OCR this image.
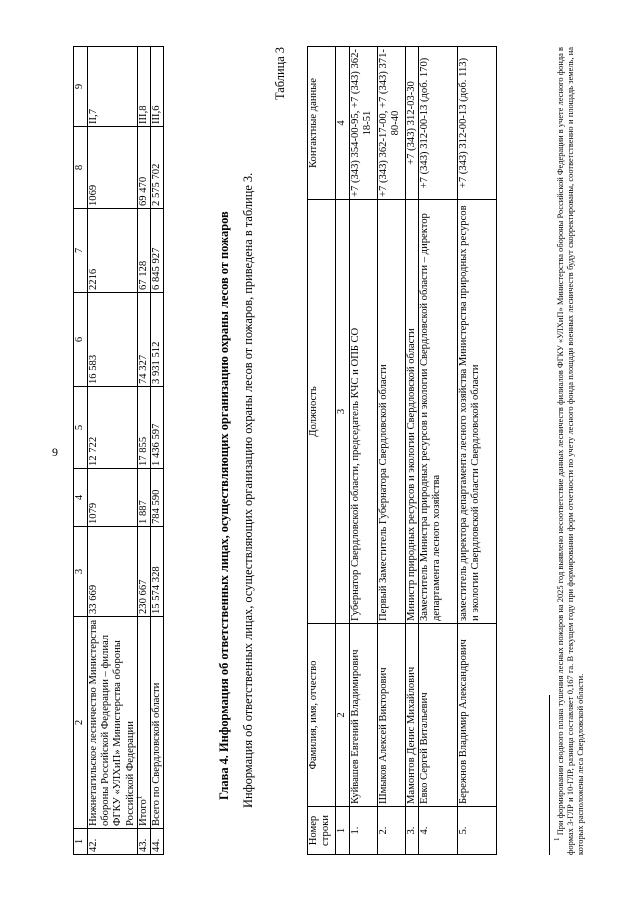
9
1	2	3	4	5	6	7	8	9
42.	Нижнетагильское лесничество Министерства обороны Российской Федерации – филиал ФГКУ «УЛХиП» Министерства обороны Российской Федерации	33 669	1079	12 722	16 583	2216	1069	II,7
43.	Итого$^1$	230 667	1 887	17 855	74 327	67 128	69 470	III,8
44.	Всего по Свердловской области	15 574 328	784 590	1 436 597	3 931 512	6 845 927	2 575 702	III,6
Глава 4. Информация об ответственных лицах, осуществляющих организацию охраны лесов от пожаров Информация об ответственных лицах, осуществляющих организацию охраны лесов от пожаров, приведена в таблице 3.
Таблица 3
Номер строки	Фамилия, имя, отчество	Должность	Контактные данные
1	2	3	4
1.	Куйвашев Евгений Владимирович	Губернатор Свердловской области, председатель КЧС и ОПБ СО	+7 (343) 354-00-95, +7 (343) 362-18-51
2.	Шмыков Алексей Викторович	Первый Заместитель Губернатора Свердловской области	+7 (343) 362-17-00, +7 (343) 371-80-40
3.	Мамонтов Денис Михайлович	Министр природных ресурсов и экологии Свердловской области	+7 (343) 312-03-30
4.	Евко Сергей Витальевич	Заместитель Министра природных ресурсов и экологии Свердловской области – директор департамента лесного хозяйства	+7 (343) 312-00-13 (доб. 170)
5.	Бережнов Владимир Александрович	заместитель директора департамента лесного хозяйства Министерства природных ресурсов и экологии Свердловской области Свердловской области	+7 (343) 312-00-13 (доб. 113)
$^1$ При формировании сводного плана тушения лесных пожаров на 2025 год выявлено несоответствие данных лесничеств филиалов ФГКУ «УЛХиП» Министерства обороны Российской Федерации в учете лесного фонда в формах 3-ГЛР и 10-ГЛР, разница составляет 0,167 га. В текущем году при формировании форм отчетности по учету лесного фонда площади военных лесничеств будут скорректированы, соответственно и площадь земель, на которых расположены леса Свердловской области.
